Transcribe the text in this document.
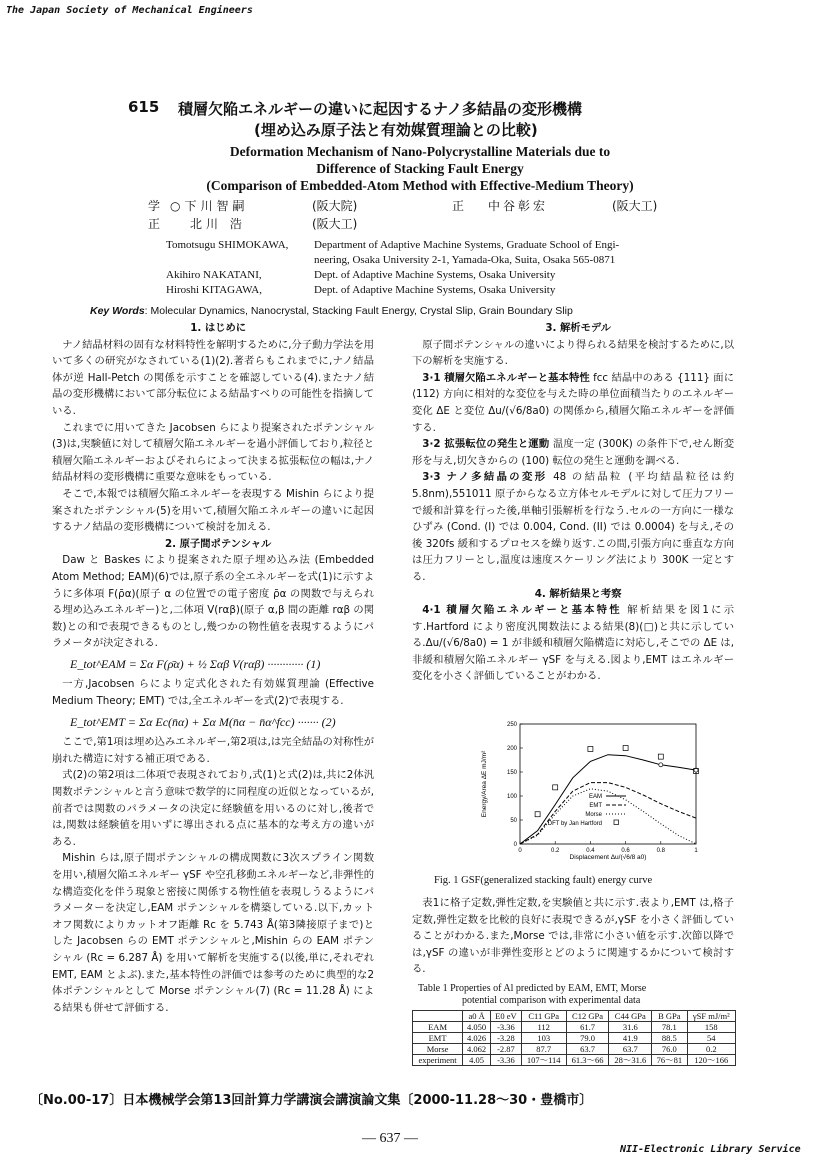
The Japan Society of Mechanical Engineers
615 積層欠陥エネルギーの違いに起因するナノ多結晶の変形機構
(埋め込み原子法と有効媒質理論との比較)
Deformation Mechanism of Nano-Polycrystalline Materials due to
Difference of Stacking Fault Energy
(Comparison of Embedded-Atom Method with Effective-Medium Theory)
学 ○下川智嗣	(阪大院)	正 中谷彰宏	(阪大工)
正 北川 浩	(阪大工)
Tomotsugu SHIMOKAWA, Department of Adaptive Machine Systems, Graduate School of Engi-
neering, Osaka University 2-1, Yamada-Oka, Suita, Osaka 565-0871
Akihiro NAKATANI,	Dept. of Adaptive Machine Systems, Osaka University
Hiroshi KITAGAWA,	Dept. of Adaptive Machine Systems, Osaka University
Key Words: Molecular Dynamics, Nanocrystal, Stacking Fault Energy, Crystal Slip, Grain Boundary Slip

1. はじめに

ナノ結晶材料の固有な材料特性を解明するために,分子動力学法を用いて多くの研究がなされている(1)(2).著者らもこれまでに,ナノ結晶体が逆 Hall-Petch の関係を示すことを確認している(4).またナノ結晶の変形機構において部分転位による結晶すべりの可能性を指摘している.

これまでに用いてきた Jacobsen らにより提案されたポテンシャル(3)は,実験値に対して積層欠陥エネルギーを過小評価しており,粒径と積層欠陥エネルギーおよびそれらによって決まる拡張転位の幅は,ナノ結晶材料の変形機構に重要な意味をもっている.

そこで,本報では積層欠陥エネルギーを表現する Mishin らにより提案されたポテンシャル(5)を用いて,積層欠陥エネルギーの違いに起因するナノ結晶の変形機構について検討を加える.

2. 原子間ポテンシャル

Daw と Baskes により提案された原子埋め込み法 (Embedded Atom Method; EAM)(6)では,原子系の全エネルギーを式(1)に示すように多体項 F(ρ̄α)(原子 α の位置での電子密度 ρ̄α の関数で与えられる埋め込みエネルギー)と,二体項 V(rαβ)(原子 α,β 間の距離 rαβ の関数)との和で表現できるものとし,幾つかの物性値を表現するようにパラメータが決定される.

E_tot^EAM = Σα F(ρ̄α) + ½ Σαβ V(rαβ) ············ (1)

一方,Jacobsen らにより定式化された有効媒質理論 (Effective Medium Theory; EMT) では,全エネルギーを式(2)で表現する.

E_tot^EMT = Σα Ec(n̄α) + Σα M(n̄α − n̄α^fcc) ······· (2)

ここで,第1項は埋め込みエネルギー,第2項は,は完全結晶の対称性が崩れた構造に対する補正項である.

式(2)の第2項は二体項で表現されており,式(1)と式(2)は,共に2体汎関数ポテンシャルと言う意味で数学的に同程度の近似となっているが,前者では関数のパラメータの決定に経験値を用いるのに対し,後者では,関数は経験値を用いずに導出される点に基本的な考え方の違いがある.

Mishin らは,原子間ポテンシャルの構成関数に3次スプライン関数を用い,積層欠陥エネルギー γSF や空孔移動エネルギーなど,非弾性的な構造変化を伴う現象と密接に関係する物性値を表現しうるようにパラメーターを決定し,EAM ポテンシャルを構築している.以下,カットオフ関数によりカットオフ距離 Rc を 5.743 Å(第3隣接原子まで)とした Jacobsen らの EMT ポテンシャルと,Mishin らの EAM ポテンシャル (Rc = 6.287 Å) を用いて解析を実施する(以後,単に,それぞれ EMT, EAM とよぶ).また,基本特性の評価では参考のために典型的な2体ポテンシャルとして Morse ポテンシャル(7) (Rc = 11.28 Å) による結果も併せて評価する.

3. 解析モデル

原子間ポテンシャルの違いにより得られる結果を検討するために,以下の解析を実施する.

3·1 積層欠陥エネルギーと基本特性 fcc 結晶中のある {111} 面に ⟨112⟩ 方向に相対的な変位を与えた時の単位面積当たりのエネルギー変化 ΔE と変位 Δu/(√6/8a0) の関係から,積層欠陥エネルギーを評価する.

3·2 拡張転位の発生と運動 温度一定 (300K) の条件下で,せん断変形を与え,切欠きからの (100) 転位の発生と運動を調べる.

3·3 ナノ多結晶の変形 48 の結晶粒 (平均結晶粒径は約 5.8nm),551011 原子からなる立方体セルモデルに対して圧力フリーで緩和計算を行った後,単軸引張解析を行なう.セルの一方向に一様なひずみ (Cond. (I) では 0.004, Cond. (II) では 0.0004) を与え,その後 320fs 緩和するプロセスを繰り返す.この間,引張方向に垂直な方向は圧力フリーとし,温度は速度スケーリング法により 300K 一定とする.

4. 解析結果と考察

4·1 積層欠陥エネルギーと基本特性 解析結果を図1に示す.Hartford により密度汎関数法による結果(8)(□)と共に示している.Δu/(√6/8a0) = 1 が非緩和積層欠陥構造に対応し,そこでの ΔE は,非緩和積層欠陥エネルギー γSF を与える.図より,EMT はエネルギー変化を小さく評価していることがわかる.

0	0.2	0.4	0.6	0.8	1
0
50
100
150
200
250
Displacement Δu/(√6/8 a0)
Energy/Area ΔE mJ/m²	EAM
EMT
Morse
DFT by Jan Hartford
Fig. 1 GSF(generalized stacking fault) energy curve

表1に格子定数,弾性定数,を実験値と共に示す.表より,EMT は,格子定数,弾性定数を比較的良好に表現できるが,γSF を小さく評価していることがわかる.また,Morse では,非常に小さい値を示す.次節以降では,γSF の違いが非弾性変形とどのように関連するかについて検討する.

Table 1 Properties of Al predicted by EAM, EMT, Morse
potential comparison with experimental data
	a0 Å	E0 eV	C11 GPa	C12 GPa	C44 GPa	B GPa	γSF mJ/m²
EAM	4.050	-3.36	112	61.7	31.6	78.1	158
EMT	4.026	-3.28	103	79.0	41.9	88.5	54
Morse	4.062	-2.87	87.7	63.7	63.7	76.0	0.2
experiment	4.05	-3.36	107～114	61.3～66	28～31.6	76～81	120～166
〔No.00-17〕日本機械学会第13回計算力学講演会講演論文集〔2000-11.28～30・豊橋市〕
— 637 —
NII-Electronic Library Service
